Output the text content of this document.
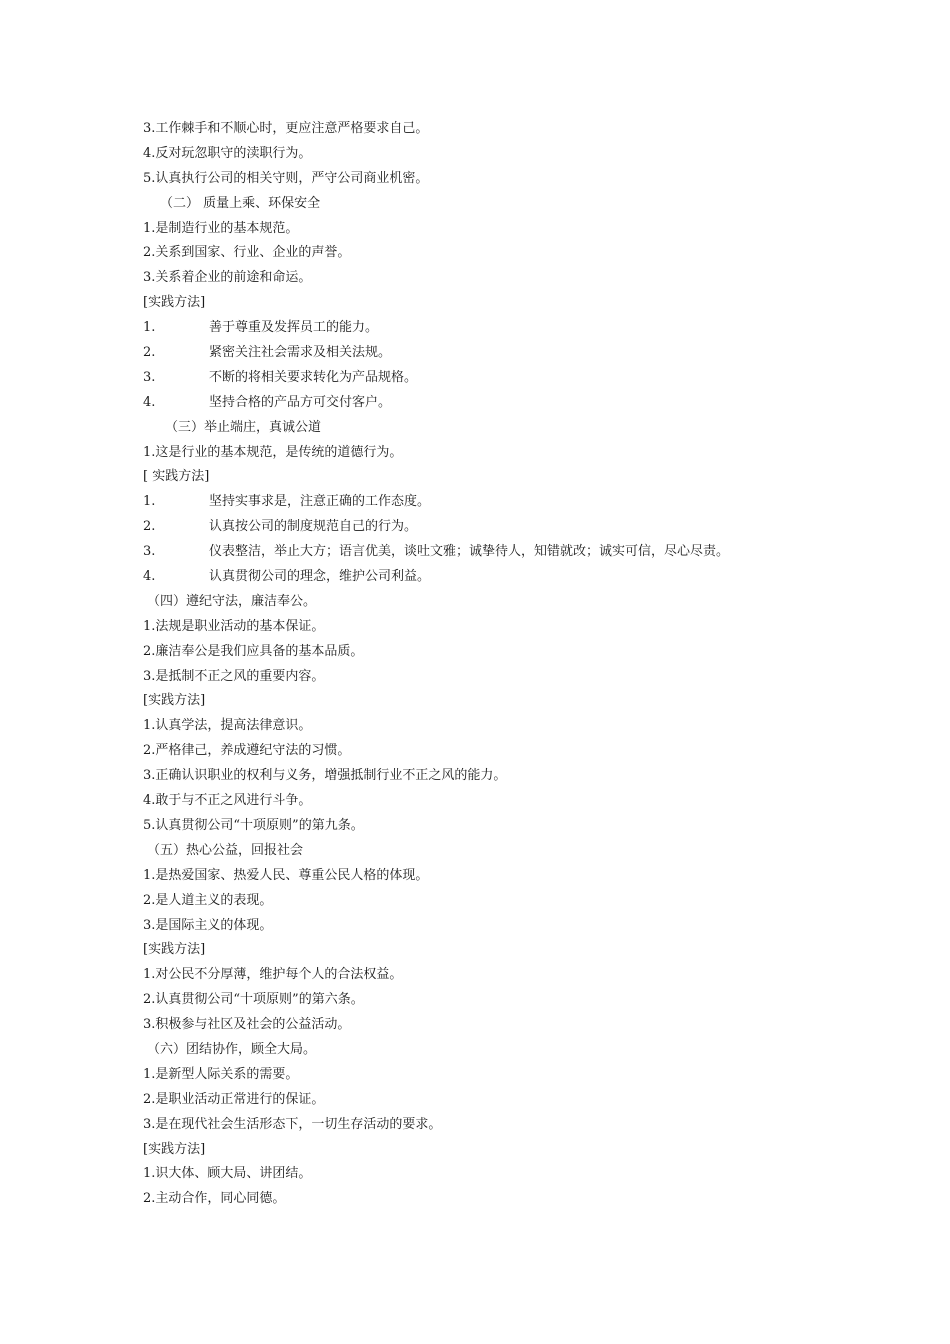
3.工作棘手和不顺心时，更应注意严格要求自己。
4.反对玩忽职守的渎职行为。
5.认真执行公司的相关守则，严守公司商业机密。
（二） 质量上乘、环保安全
1.是制造行业的基本规范。
2.关系到国家、行业、企业的声誉。
3.关系着企业的前途和命运。
[实践方法]
1.	善于尊重及发挥员工的能力。
2.	紧密关注社会需求及相关法规。
3.	不断的将相关要求转化为产品规格。
4.	坚持合格的产品方可交付客户。
（三）举止端庄，真诚公道
1.这是行业的基本规范，是传统的道德行为。
[ 实践方法]
1.	坚持实事求是，注意正确的工作态度。
2.	认真按公司的制度规范自己的行为。
3.	仪表整洁，举止大方；语言优美，谈吐文雅；诚挚待人，知错就改；诚实可信，尽心尽责。
4.	认真贯彻公司的理念，维护公司利益。
（四）遵纪守法，廉洁奉公。
1.法规是职业活动的基本保证。
2.廉洁奉公是我们应具备的基本品质。
3.是抵制不正之风的重要内容。
[实践方法]
1.认真学法，提高法律意识。
2.严格律己，养成遵纪守法的习惯。
3.正确认识职业的权利与义务，增强抵制行业不正之风的能力。
4.敢于与不正之风进行斗争。
5.认真贯彻公司“十项原则”的第九条。
（五）热心公益，回报社会
1.是热爱国家、热爱人民、尊重公民人格的体现。
2.是人道主义的表现。
3.是国际主义的体现。
[实践方法]
1.对公民不分厚薄，维护每个人的合法权益。
2.认真贯彻公司“十项原则”的第六条。
3.积极参与社区及社会的公益活动。
（六）团结协作，顾全大局。
1.是新型人际关系的需要。
2.是职业活动正常进行的保证。
3.是在现代社会生活形态下，一切生存活动的要求。
[实践方法]
1.识大体、顾大局、讲团结。
2.主动合作，同心同德。
